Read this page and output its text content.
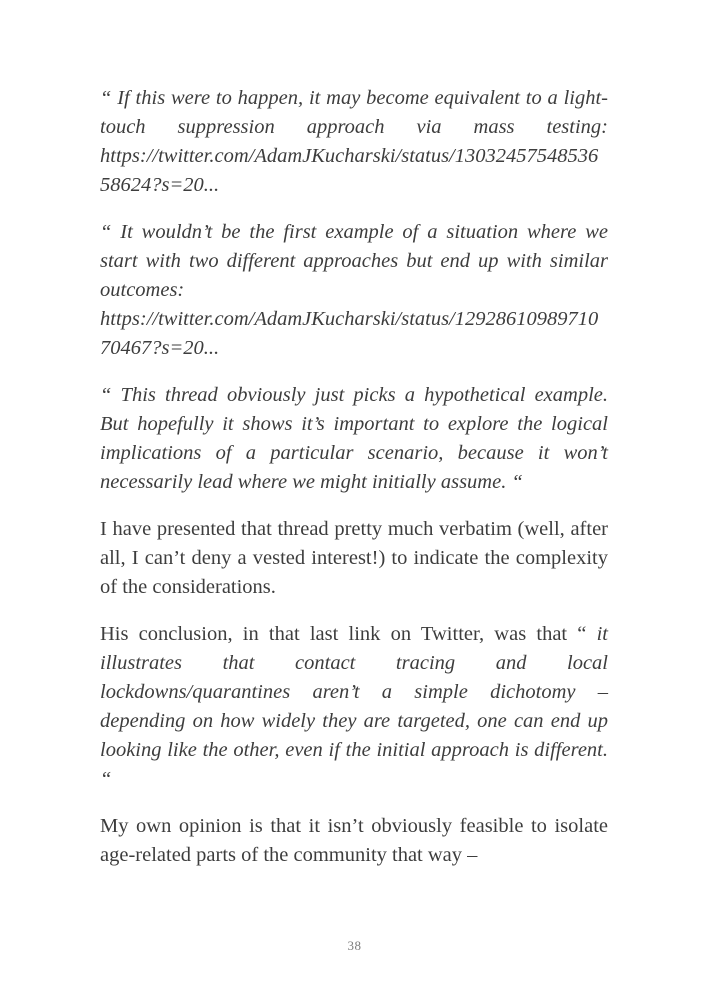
“ If this were to happen, it may become equivalent to a light-touch suppression approach via mass testing: https://twitter.com/AdamJKucharski/status/1303245754853658624?s=20...

“ It wouldn’t be the first example of a situation where we start with two different approaches but end up with similar outcomes: https://twitter.com/AdamJKucharski/status/1292861098971070467?s=20...

“ This thread obviously just picks a hypothetical example. But hopefully it shows it’s important to explore the logical implications of a particular scenario, because it won’t necessarily lead where we might initially assume. “

I have presented that thread pretty much verbatim (well, after all, I can’t deny a vested interest!) to indicate the complexity of the considerations.

His conclusion, in that last link on Twitter, was that “ it illustrates that contact tracing and local lockdowns/quarantines aren’t a simple dichotomy – depending on how widely they are targeted, one can end up looking like the other, even if the initial approach is different. “

My own opinion is that it isn’t obviously feasible to isolate age-related parts of the community that way –

38
